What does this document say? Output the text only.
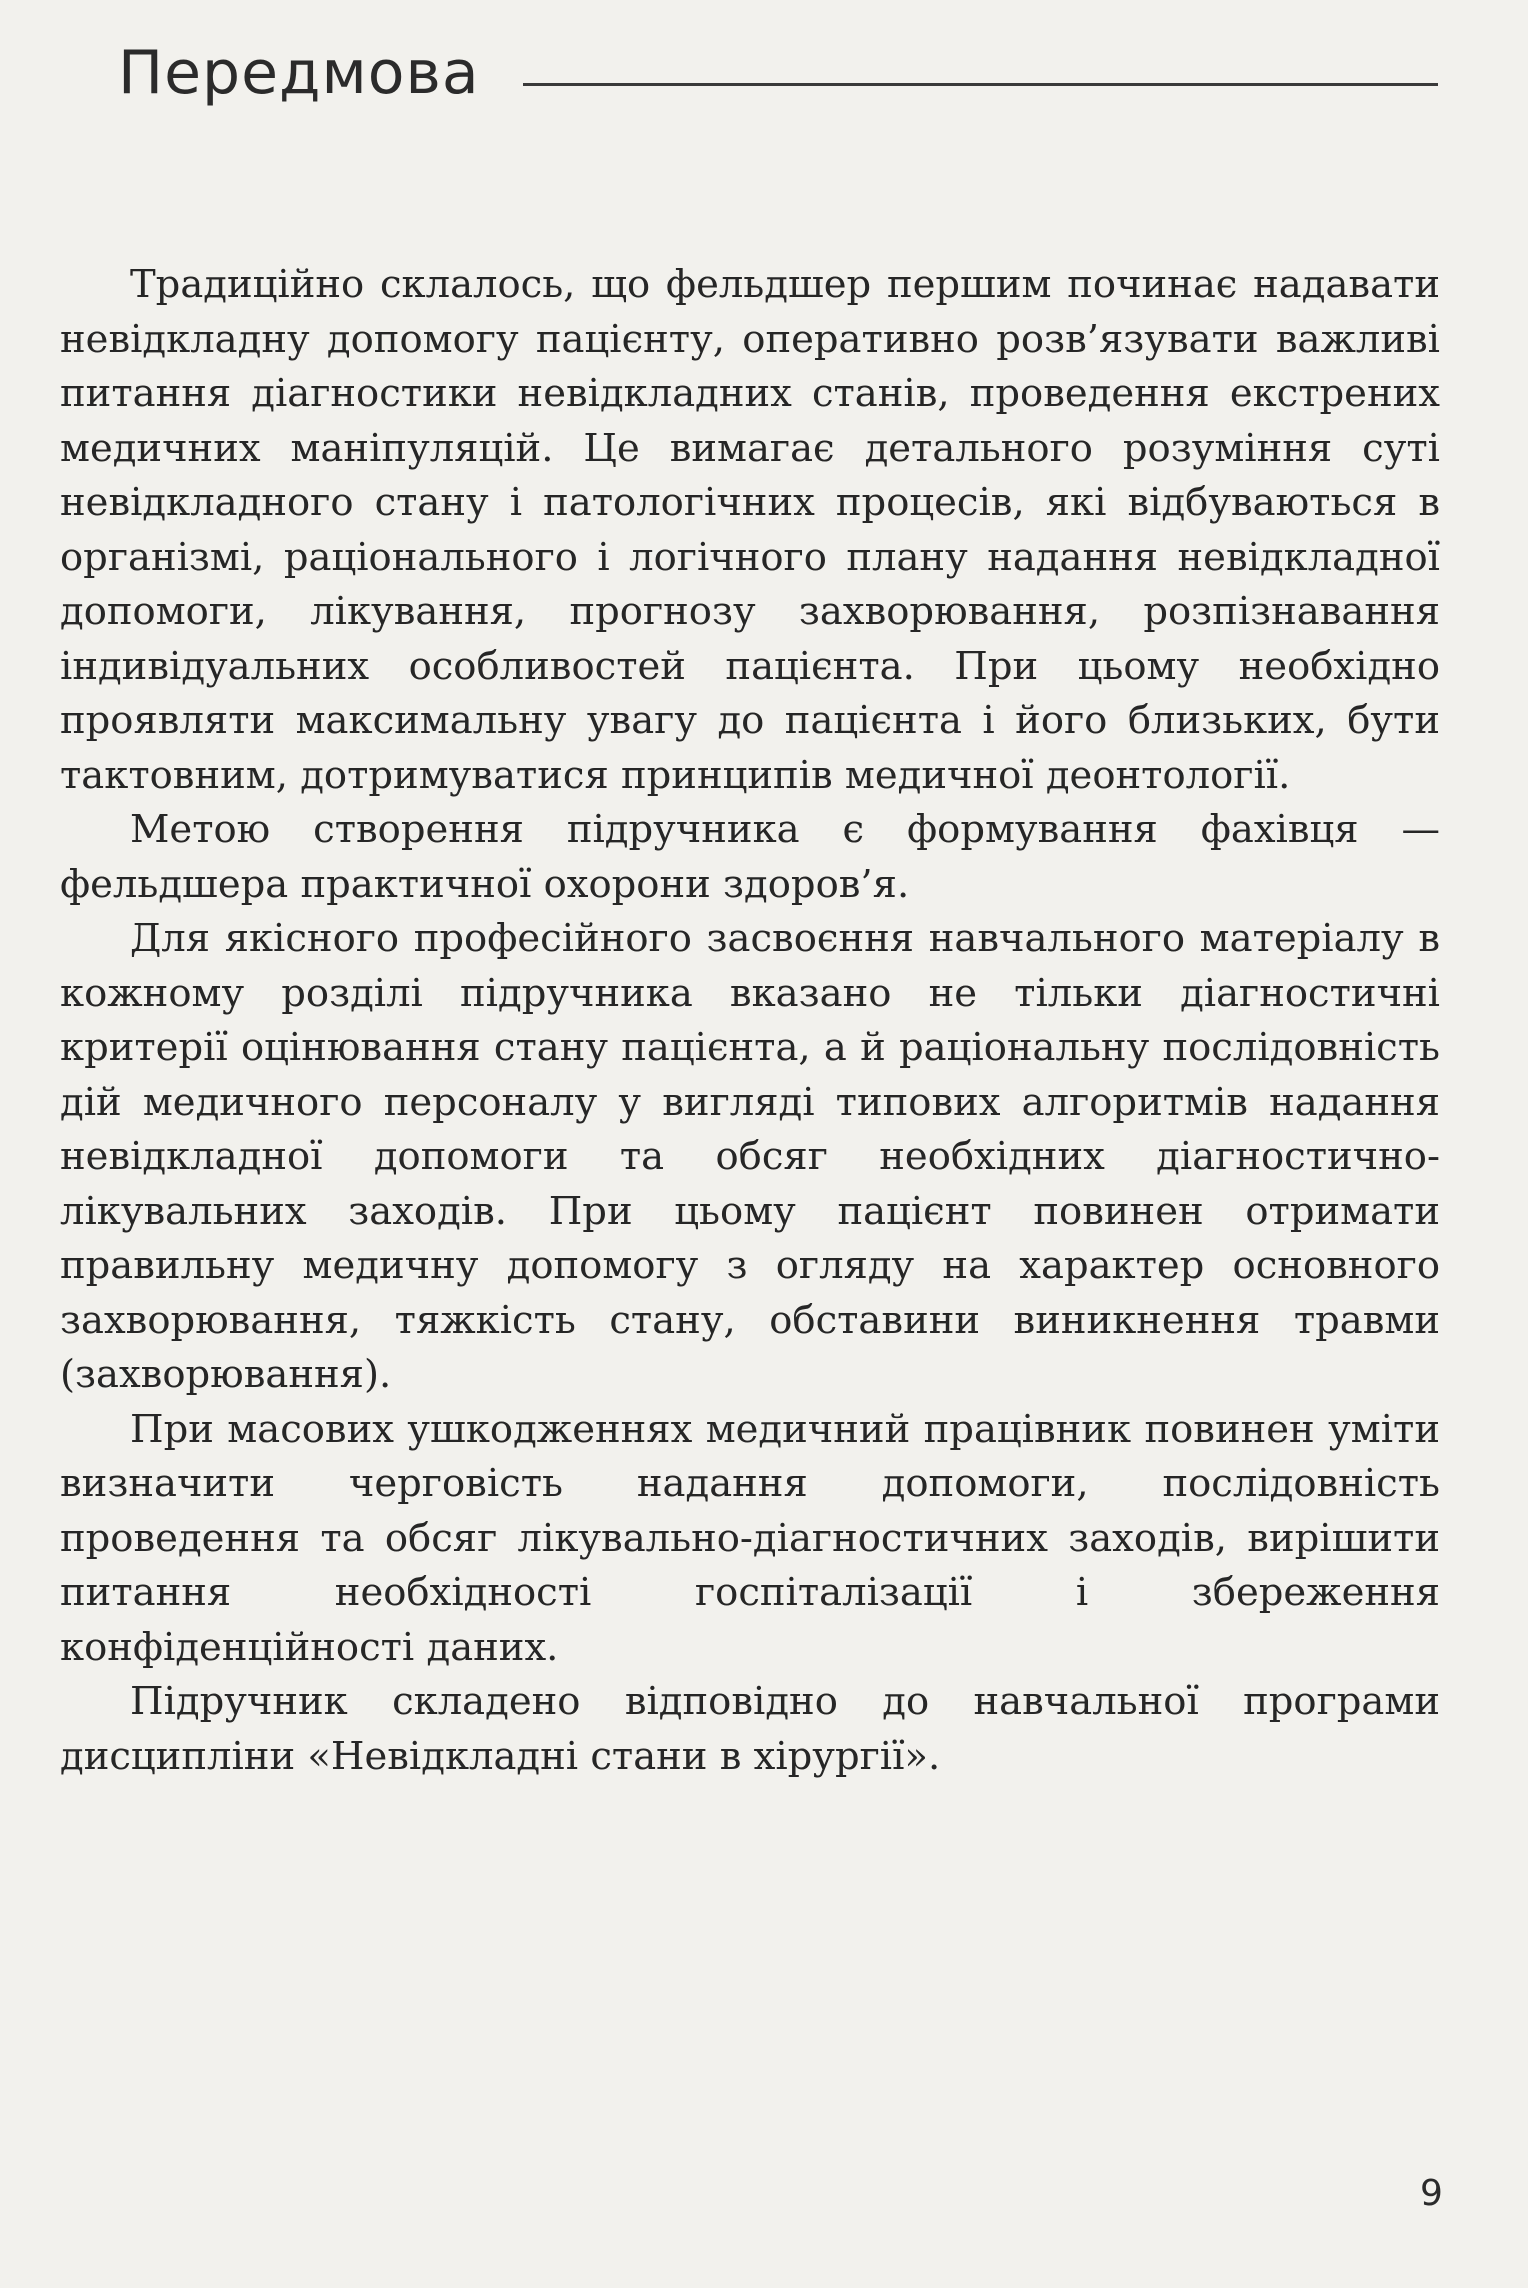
Передмова

Традиційно склалось, що фельдшер першим починає надавати невідкладну допомогу пацієнту, оперативно розв’язувати важливі питання діагностики невідкладних станів, проведення екстрених медичних маніпуляцій. Це вимагає детального розуміння суті невідкладного стану і патологічних процесів, які відбуваються в організмі, раціонального і логічного плану надання невідкладної допомоги, лікування, прогнозу захворювання, розпізнавання індивідуальних особливостей пацієнта. При цьому необхідно проявляти максимальну увагу до пацієнта і його близьких, бути тактовним, дотримуватися принципів медичної деонтології.

Метою створення підручника є формування фахівця — фельдшера практичної охорони здоров’я.

Для якісного професійного засвоєння навчального матеріалу в кожному розділі підручника вказано не тільки діагностичні критерії оцінювання стану пацієнта, а й раціональну послідовність дій медичного персоналу у вигляді типових алгоритмів надання невідкладної допомоги та обсяг необхідних діагностично-лікувальних заходів. При цьому пацієнт повинен отримати правильну медичну допомогу з огляду на характер основного захворювання, тяжкість стану, обставини виникнення травми (захворювання).

При масових ушкодженнях медичний працівник повинен уміти визначити черговість надання допомоги, послідовність проведення та обсяг лікувально-діагностичних заходів, вирішити питання необхідності госпіталізації і збереження конфіденційності даних.

Підручник складено відповідно до навчальної програми дисципліни «Невідкладні стани в хірургії».

9
